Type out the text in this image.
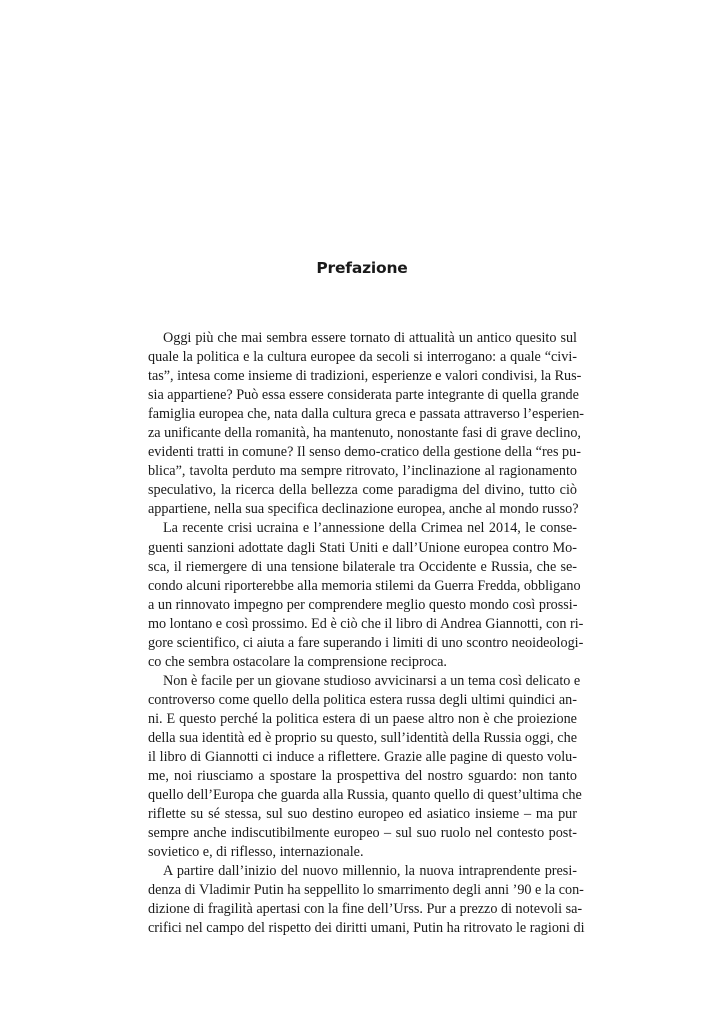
Prefazione
Oggi più che mai sembra essere tornato di attualità un antico quesito sul
quale la politica e la cultura europee da secoli si interrogano: a quale “civi-
tas”, intesa come insieme di tradizioni, esperienze e valori condivisi, la Rus-
sia appartiene? Può essa essere considerata parte integrante di quella grande
famiglia europea che, nata dalla cultura greca e passata attraverso l’esperien-
za unificante della romanità, ha mantenuto, nonostante fasi di grave declino,
evidenti tratti in comune? Il senso demo-cratico della gestione della “res pu-
blica”, tavolta perduto ma sempre ritrovato, l’inclinazione al ragionamento
speculativo, la ricerca della bellezza come paradigma del divino, tutto ciò
appartiene, nella sua specifica declinazione europea, anche al mondo russo?
La recente crisi ucraina e l’annessione della Crimea nel 2014, le conse-
guenti sanzioni adottate dagli Stati Uniti e dall’Unione europea contro Mo-
sca, il riemergere di una tensione bilaterale tra Occidente e Russia, che se-
condo alcuni riporterebbe alla memoria stilemi da Guerra Fredda, obbligano
a un rinnovato impegno per comprendere meglio questo mondo così prossi-
mo lontano e così prossimo. Ed è ciò che il libro di Andrea Giannotti, con ri-
gore scientifico, ci aiuta a fare superando i limiti di uno scontro neoideologi-
co che sembra ostacolare la comprensione reciproca.
Non è facile per un giovane studioso avvicinarsi a un tema così delicato e
controverso come quello della politica estera russa degli ultimi quindici an-
ni. E questo perché la politica estera di un paese altro non è che proiezione
della sua identità ed è proprio su questo, sull’identità della Russia oggi, che
il libro di Giannotti ci induce a riflettere. Grazie alle pagine di questo volu-
me, noi riusciamo a spostare la prospettiva del nostro sguardo: non tanto
quello dell’Europa che guarda alla Russia, quanto quello di quest’ultima che
riflette su sé stessa, sul suo destino europeo ed asiatico insieme – ma pur
sempre anche indiscutibilmente europeo – sul suo ruolo nel contesto post-
sovietico e, di riflesso, internazionale.
A partire dall’inizio del nuovo millennio, la nuova intraprendente presi-
denza di Vladimir Putin ha seppellito lo smarrimento degli anni ’90 e la con-
dizione di fragilità apertasi con la fine dell’Urss. Pur a prezzo di notevoli sa-
crifici nel campo del rispetto dei diritti umani, Putin ha ritrovato le ragioni di
